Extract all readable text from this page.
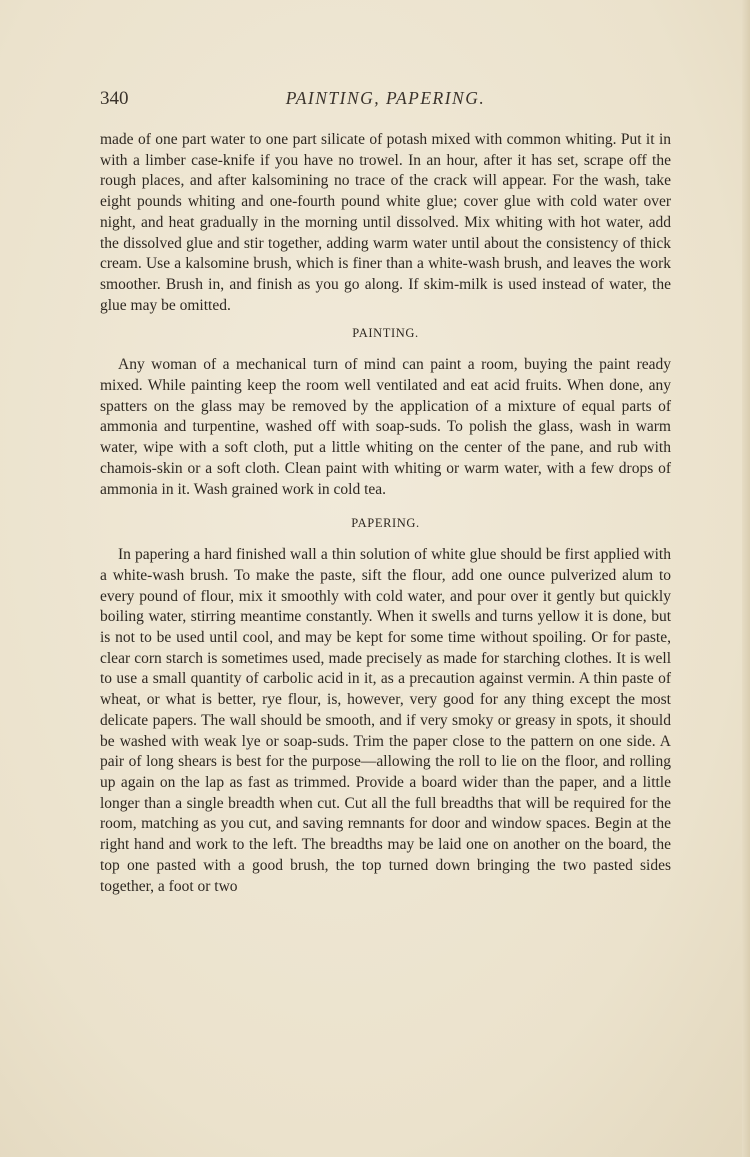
340	PAINTING, PAPERING.

made of one part water to one part silicate of potash mixed with common whiting. Put it in with a limber case-knife if you have no trowel. In an hour, after it has set, scrape off the rough places, and after kalsomining no trace of the crack will appear. For the wash, take eight pounds whiting and one-fourth pound white glue; cover glue with cold water over night, and heat gradually in the morning until dissolved. Mix whiting with hot water, add the dissolved glue and stir together, adding warm water until about the consistency of thick cream. Use a kalsomine brush, which is finer than a white-wash brush, and leaves the work smoother. Brush in, and finish as you go along. If skim-milk is used instead of water, the glue may be omitted.

PAINTING.

Any woman of a mechanical turn of mind can paint a room, buying the paint ready mixed. While painting keep the room well ventilated and eat acid fruits. When done, any spatters on the glass may be removed by the application of a mixture of equal parts of ammonia and turpentine, washed off with soap-suds. To polish the glass, wash in warm water, wipe with a soft cloth, put a little whiting on the center of the pane, and rub with chamois-skin or a soft cloth. Clean paint with whiting or warm water, with a few drops of ammonia in it. Wash grained work in cold tea.

PAPERING.

In papering a hard finished wall a thin solution of white glue should be first applied with a white-wash brush. To make the paste, sift the flour, add one ounce pulverized alum to every pound of flour, mix it smoothly with cold water, and pour over it gently but quickly boiling water, stirring meantime constantly. When it swells and turns yellow it is done, but is not to be used until cool, and may be kept for some time without spoiling. Or for paste, clear corn starch is sometimes used, made precisely as made for starching clothes. It is well to use a small quantity of carbolic acid in it, as a precaution against vermin. A thin paste of wheat, or what is better, rye flour, is, however, very good for any thing except the most delicate papers. The wall should be smooth, and if very smoky or greasy in spots, it should be washed with weak lye or soap-suds. Trim the paper close to the pattern on one side. A pair of long shears is best for the purpose—allowing the roll to lie on the floor, and rolling up again on the lap as fast as trimmed. Provide a board wider than the paper, and a little longer than a single breadth when cut. Cut all the full breadths that will be required for the room, matching as you cut, and saving remnants for door and window spaces. Begin at the right hand and work to the left. The breadths may be laid one on another on the board, the top one pasted with a good brush, the top turned down bringing the two pasted sides together, a foot or two
